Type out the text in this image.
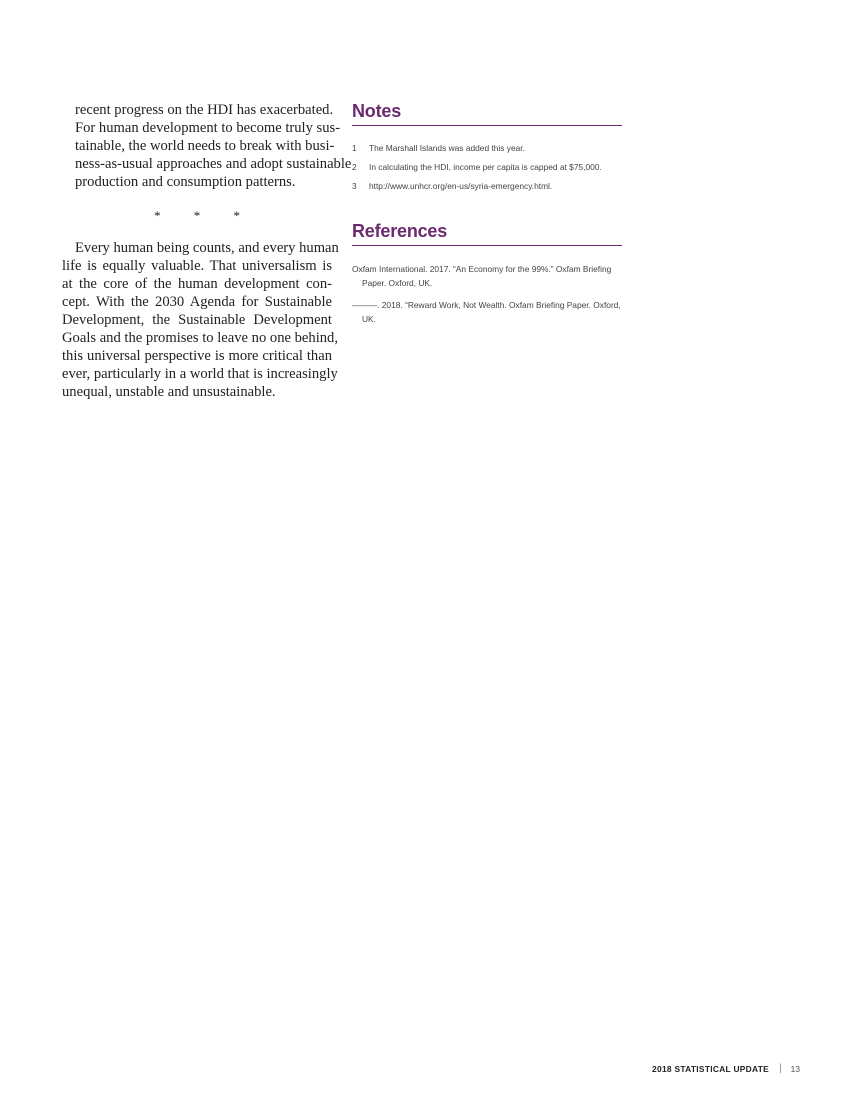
recent progress on the HDI has exacerbated.
For human development to become truly sus-
tainable, the world needs to break with busi-
ness-as-usual approaches and adopt sustainable
production and consumption patterns.

*	*	*

Every human being counts, and every human
life is equally valuable. That universalism is
at the core of the human development con-
cept. With the 2030 Agenda for Sustainable
Development, the Sustainable Development
Goals and the promises to leave no one behind,
this universal perspective is more critical than
ever, particularly in a world that is increasingly
unequal, unstable and unsustainable.

Notes
1	The Marshall Islands was added this year.
2	In calculating the HDI, income per capita is capped at $75,000.
3	http://www.unhcr.org/en-us/syria-emergency.html.
References
Oxfam International. 2017. “An Economy for the 99%.” Oxfam Briefing Paper. Oxford, UK.
———. 2018. “Reward Work, Not Wealth. Oxfam Briefing Paper. Oxford, UK.
2018 STATISTICAL UPDATE | 13
